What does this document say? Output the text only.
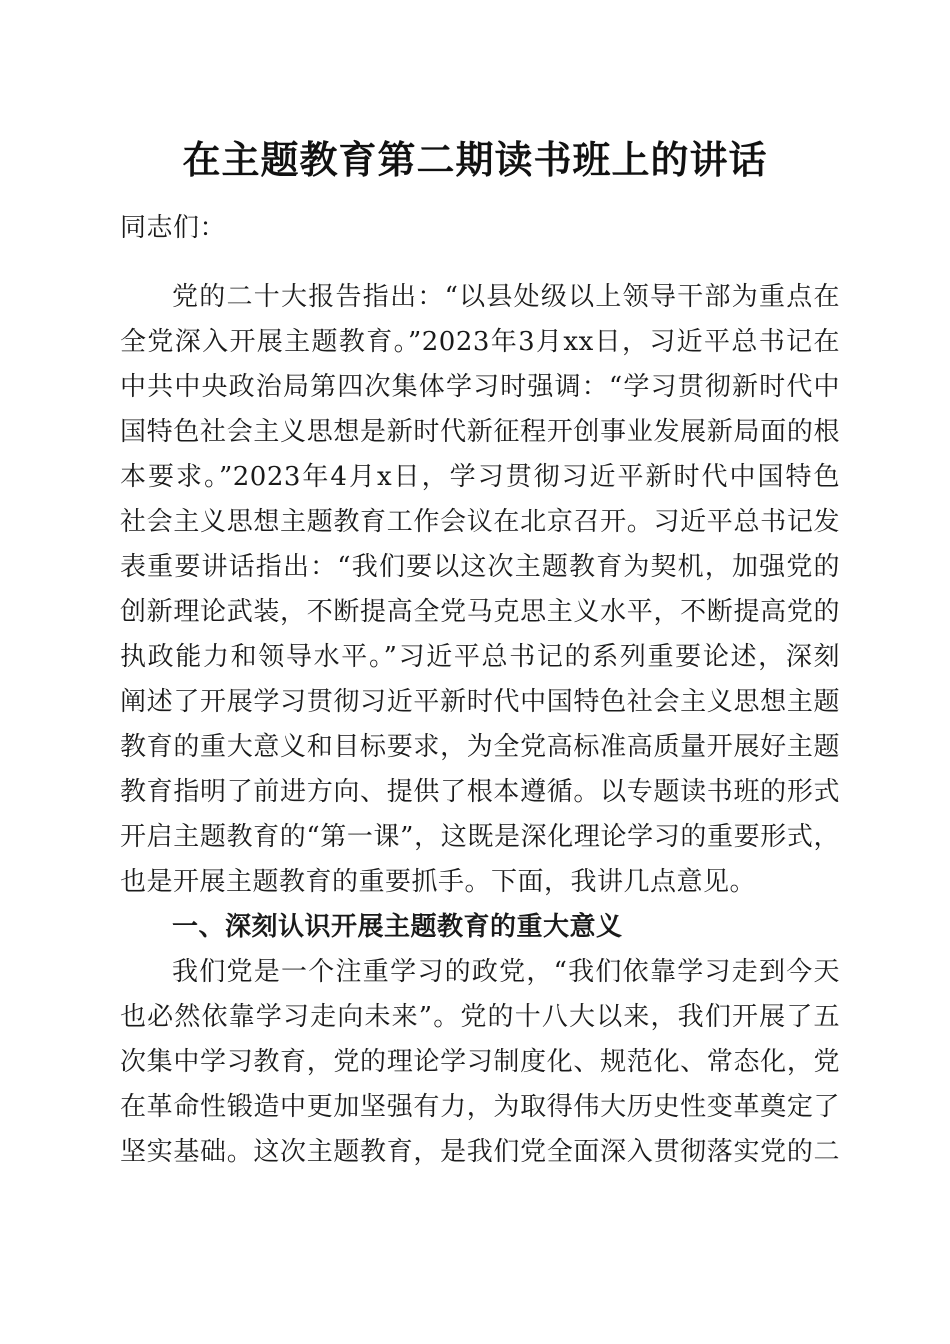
在主题教育第二期读书班上的讲话
同志们：
党的二十大报告指出：“以县处级以上领导干部为重点在
全党深入开展主题教育。”2023年3月xx日，习近平总书记在
中共中央政治局第四次集体学习时强调：“学习贯彻新时代中
国特色社会主义思想是新时代新征程开创事业发展新局面的根
本要求。”2023年4月x日，学习贯彻习近平新时代中国特色
社会主义思想主题教育工作会议在北京召开。习近平总书记发
表重要讲话指出：“我们要以这次主题教育为契机，加强党的
创新理论武装，不断提高全党马克思主义水平，不断提高党的
执政能力和领导水平。”习近平总书记的系列重要论述，深刻
阐述了开展学习贯彻习近平新时代中国特色社会主义思想主题
教育的重大意义和目标要求，为全党高标准高质量开展好主题
教育指明了前进方向、提供了根本遵循。以专题读书班的形式
开启主题教育的“第一课”，这既是深化理论学习的重要形式，
也是开展主题教育的重要抓手。下面，我讲几点意见。
一、深刻认识开展主题教育的重大意义
我们党是一个注重学习的政党，“我们依靠学习走到今天
也必然依靠学习走向未来”。党的十八大以来，我们开展了五
次集中学习教育，党的理论学习制度化、规范化、常态化，党
在革命性锻造中更加坚强有力，为取得伟大历史性变革奠定了
坚实基础。这次主题教育，是我们党全面深入贯彻落实党的二
